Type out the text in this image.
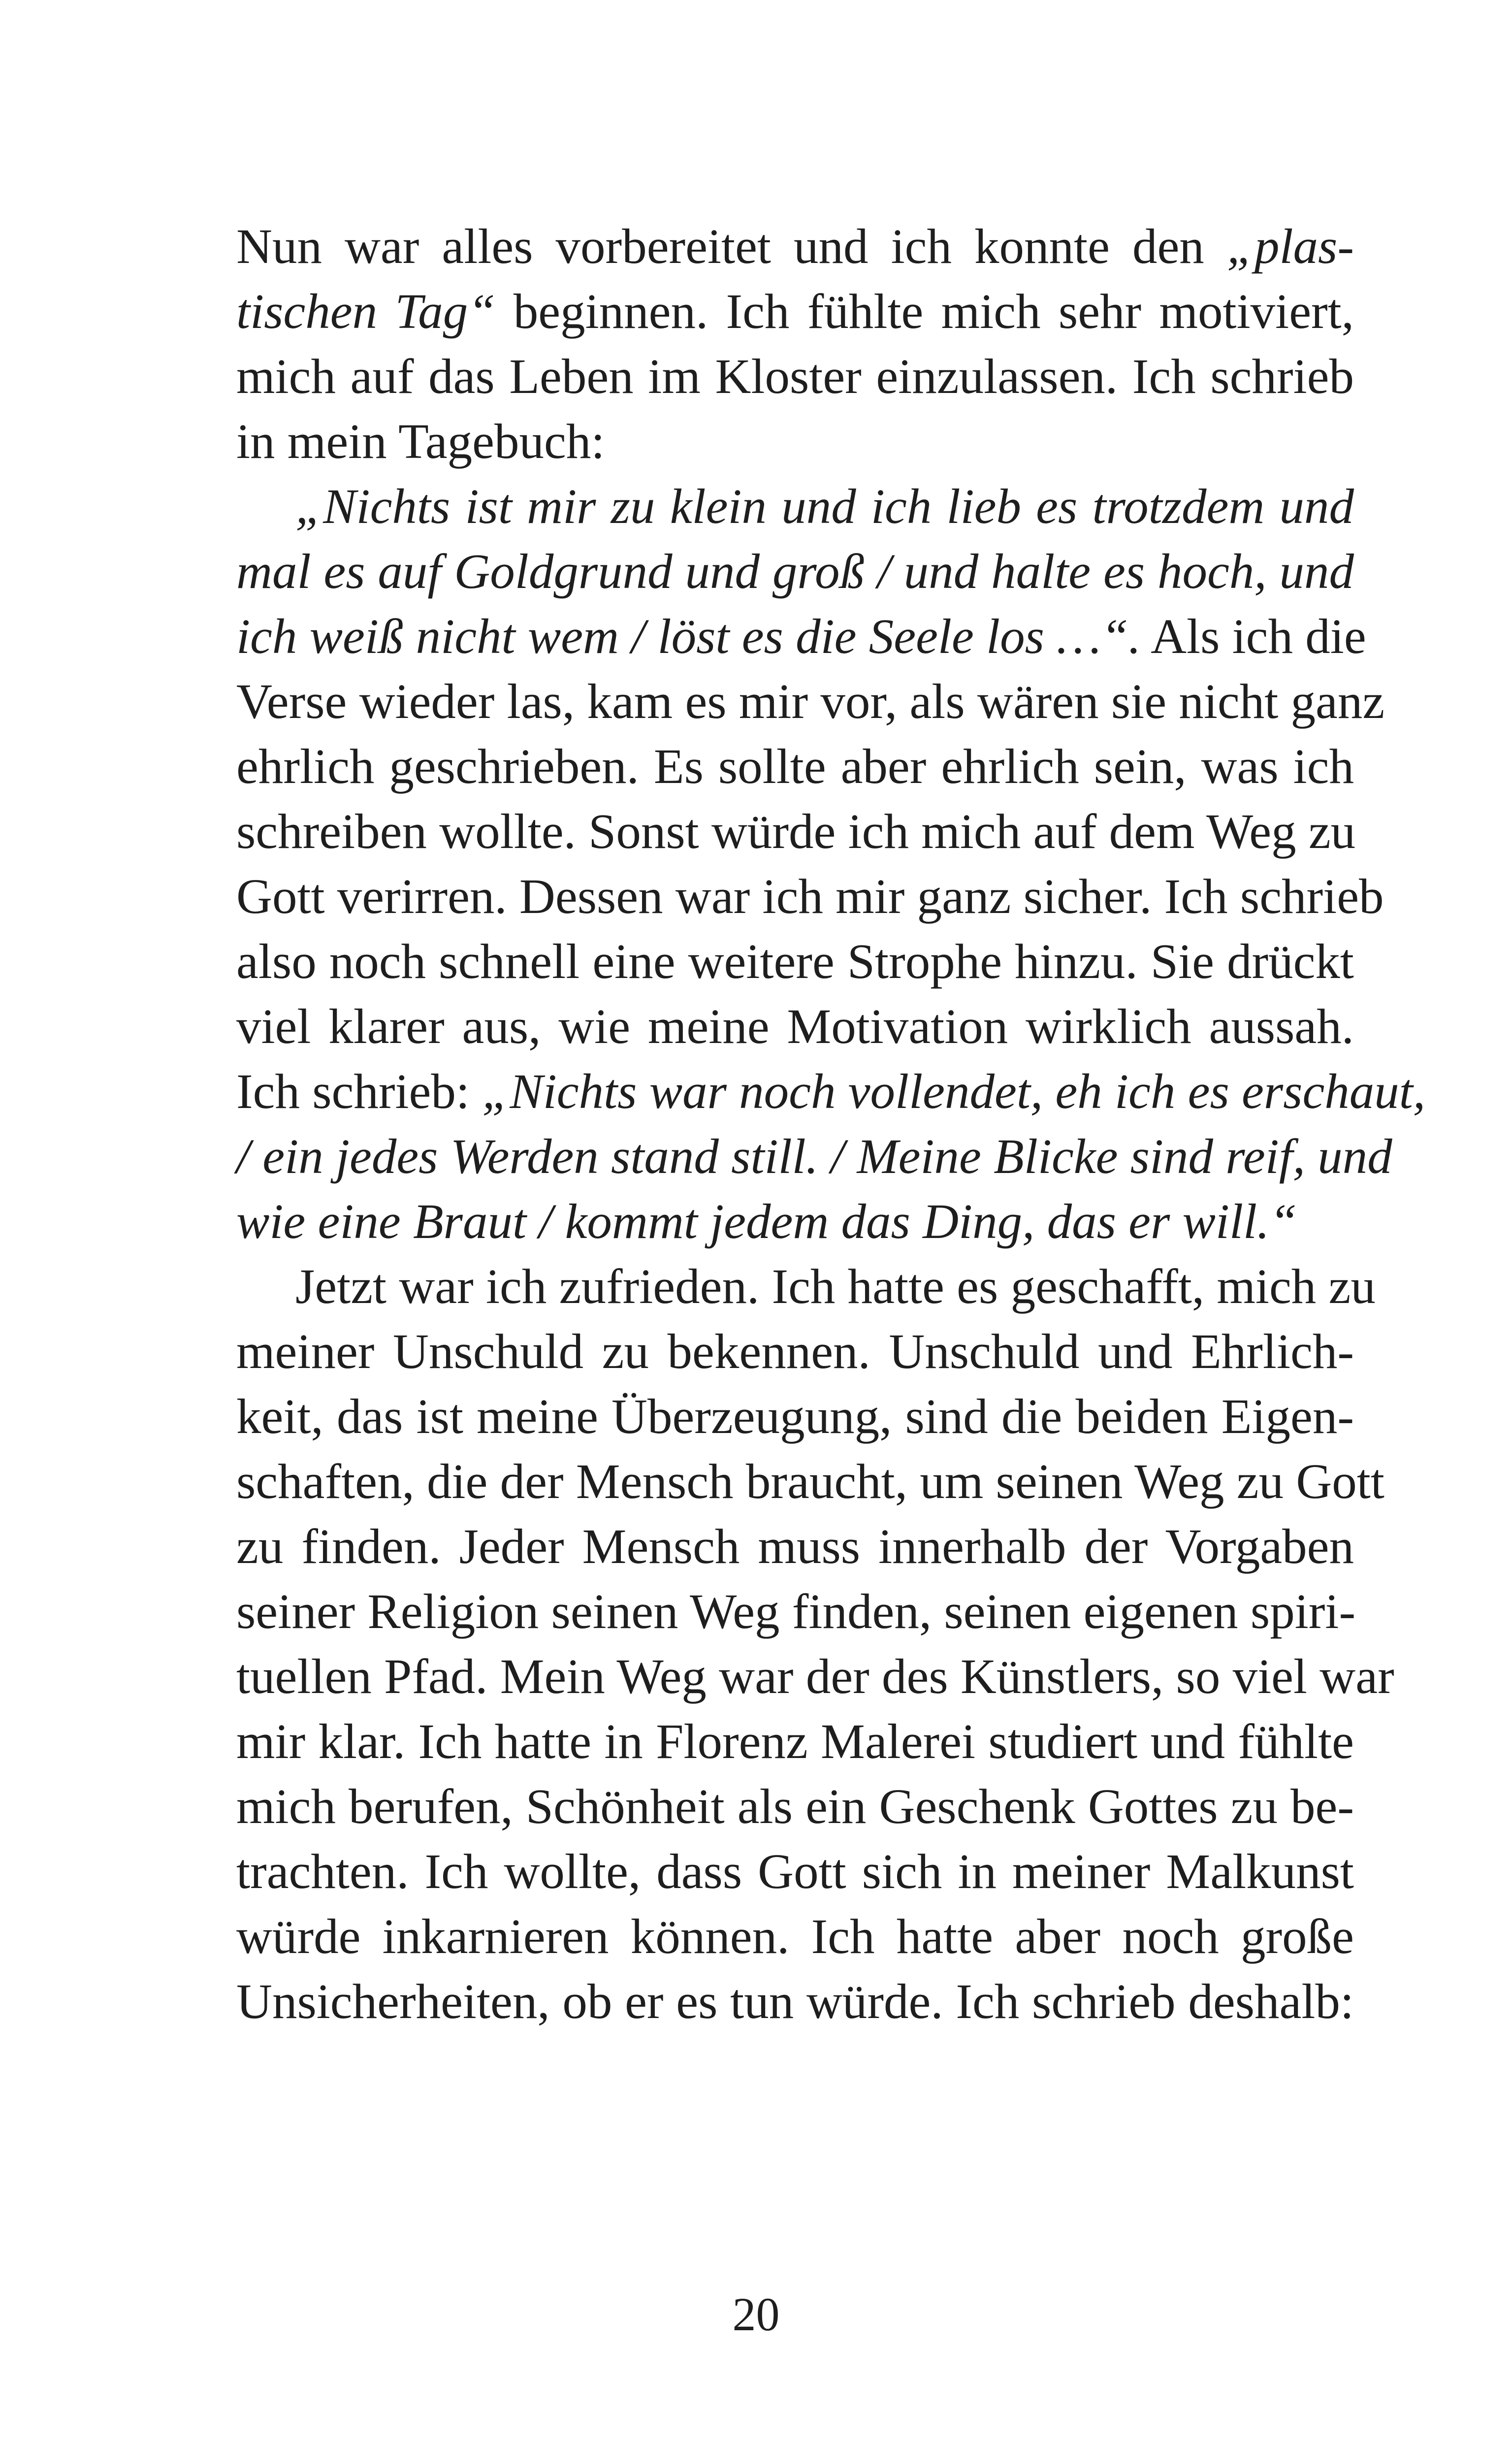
Nun war alles vorbereitet und ich konnte den „plas-
tischen Tag“ beginnen. Ich fühlte mich sehr motiviert,
mich auf das Leben im Kloster einzulassen. Ich schrieb
in mein Tagebuch:
„Nichts ist mir zu klein und ich lieb es trotzdem und
mal es auf Goldgrund und groß / und halte es hoch, und
ich weiß nicht wem / löst es die Seele los …“. Als ich die
Verse wieder las, kam es mir vor, als wären sie nicht ganz
ehrlich geschrieben. Es sollte aber ehrlich sein, was ich
schreiben wollte. Sonst würde ich mich auf dem Weg zu
Gott verirren. Dessen war ich mir ganz sicher. Ich schrieb
also noch schnell eine weitere Strophe hinzu. Sie drückt
viel klarer aus, wie meine Motivation wirklich aussah.
Ich schrieb: „Nichts war noch vollendet, eh ich es erschaut,
/ ein jedes Werden stand still. / Meine Blicke sind reif, und
wie eine Braut / kommt jedem das Ding, das er will.“
Jetzt war ich zufrieden. Ich hatte es geschafft, mich zu
meiner Unschuld zu bekennen. Unschuld und Ehrlich-
keit, das ist meine Überzeugung, sind die beiden Eigen-
schaften, die der Mensch braucht, um seinen Weg zu Gott
zu finden. Jeder Mensch muss innerhalb der Vorgaben
seiner Religion seinen Weg finden, seinen eigenen spiri-
tuellen Pfad. Mein Weg war der des Künstlers, so viel war
mir klar. Ich hatte in Florenz Malerei studiert und fühlte
mich berufen, Schönheit als ein Geschenk Gottes zu be-
trachten. Ich wollte, dass Gott sich in meiner Malkunst
würde inkarnieren können. Ich hatte aber noch große
Unsicherheiten, ob er es tun würde. Ich schrieb deshalb:
20
